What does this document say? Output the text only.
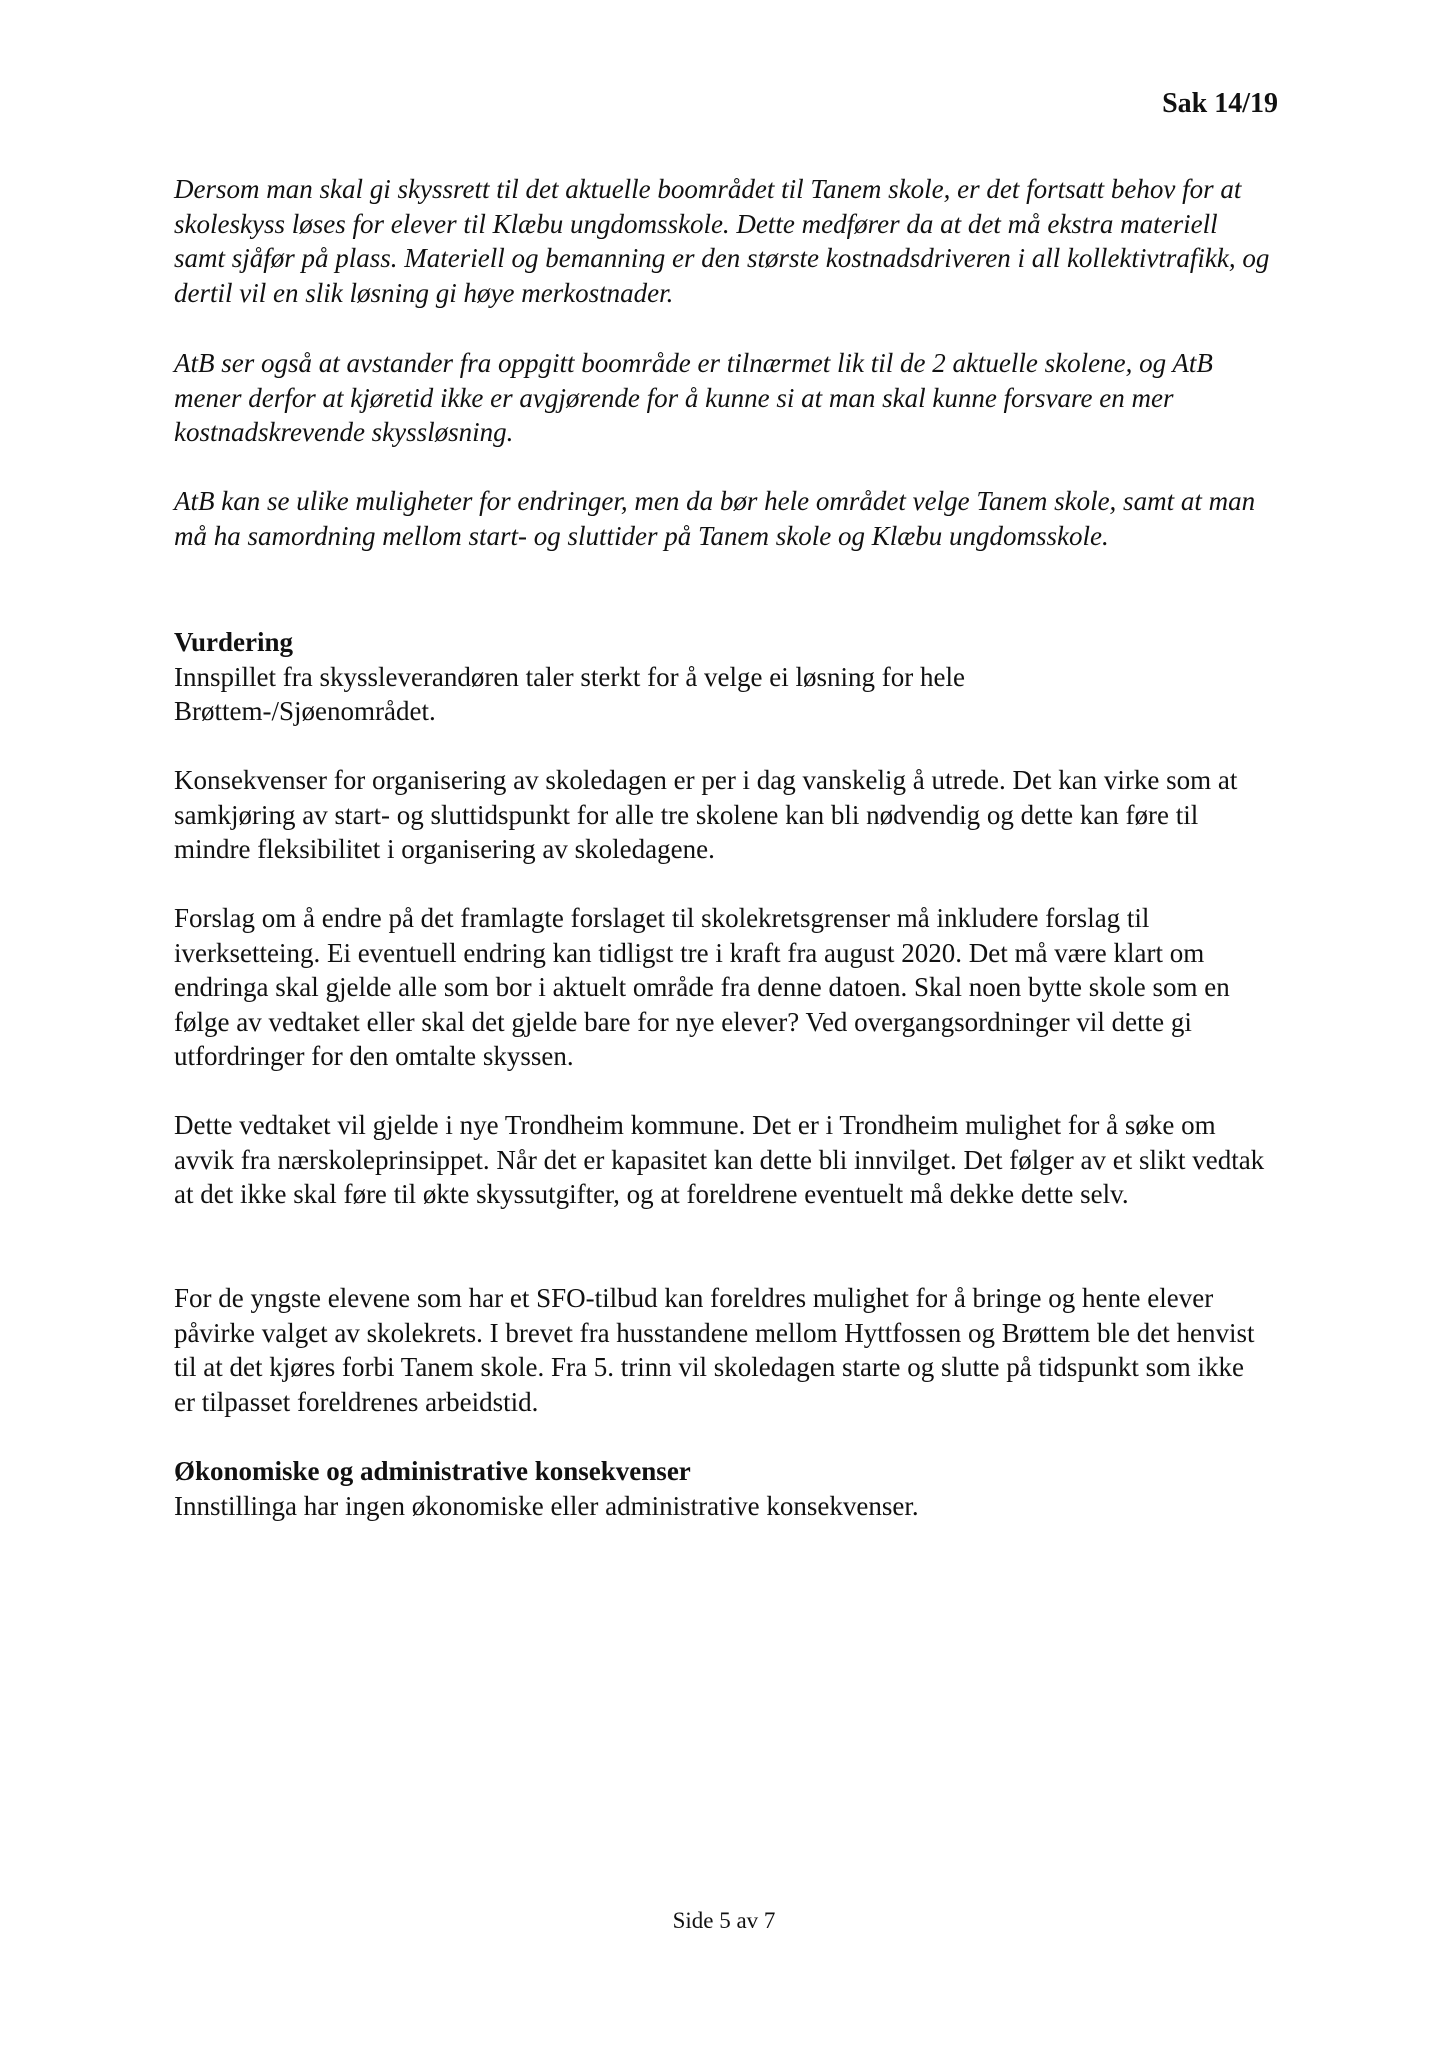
Sak 14/19

Dersom man skal gi skyssrett til det aktuelle boområdet til Tanem skole, er det fortsatt behov for at skoleskyss løses for elever til Klæbu ungdomsskole. Dette medfører da at det må ekstra materiell samt sjåfør på plass. Materiell og bemanning er den største kostnadsdriveren i all kollektivtrafikk, og dertil vil en slik løsning gi høye merkostnader.

AtB ser også at avstander fra oppgitt boområde er tilnærmet lik til de 2 aktuelle skolene, og AtB mener derfor at kjøretid ikke er avgjørende for å kunne si at man skal kunne forsvare en mer kostnadskrevende skyssløsning.

AtB kan se ulike muligheter for endringer, men da bør hele området velge Tanem skole, samt at man må ha samordning mellom start- og sluttider på Tanem skole og Klæbu ungdomsskole.

Vurdering

Innspillet fra skyssleverandøren taler sterkt for å velge ei løsning for hele Brøttem-/Sjøenområdet.

Konsekvenser for organisering av skoledagen er per i dag vanskelig å utrede. Det kan virke som at samkjøring av start- og sluttidspunkt for alle tre skolene kan bli nødvendig og dette kan føre til mindre fleksibilitet i organisering av skoledagene.

Forslag om å endre på det framlagte forslaget til skolekretsgrenser må inkludere forslag til iverksetteing. Ei eventuell endring kan tidligst tre i kraft fra august 2020. Det må være klart om endringa skal gjelde alle som bor i aktuelt område fra denne datoen. Skal noen bytte skole som en følge av vedtaket eller skal det gjelde bare for nye elever? Ved overgangsordninger vil dette gi utfordringer for den omtalte skyssen.

Dette vedtaket vil gjelde i nye Trondheim kommune. Det er i Trondheim mulighet for å søke om avvik fra nærskoleprinsippet. Når det er kapasitet kan dette bli innvilget. Det følger av et slikt vedtak at det ikke skal føre til økte skyssutgifter, og at foreldrene eventuelt må dekke dette selv.

For de yngste elevene som har et SFO-tilbud kan foreldres mulighet for å bringe og hente elever påvirke valget av skolekrets. I brevet fra husstandene mellom Hyttfossen og Brøttem ble det henvist til at det kjøres forbi Tanem skole. Fra 5. trinn vil skoledagen starte og slutte på tidspunkt som ikke er tilpasset foreldrenes arbeidstid.

Økonomiske og administrative konsekvenser

Innstillinga har ingen økonomiske eller administrative konsekvenser.

Side 5 av 7
